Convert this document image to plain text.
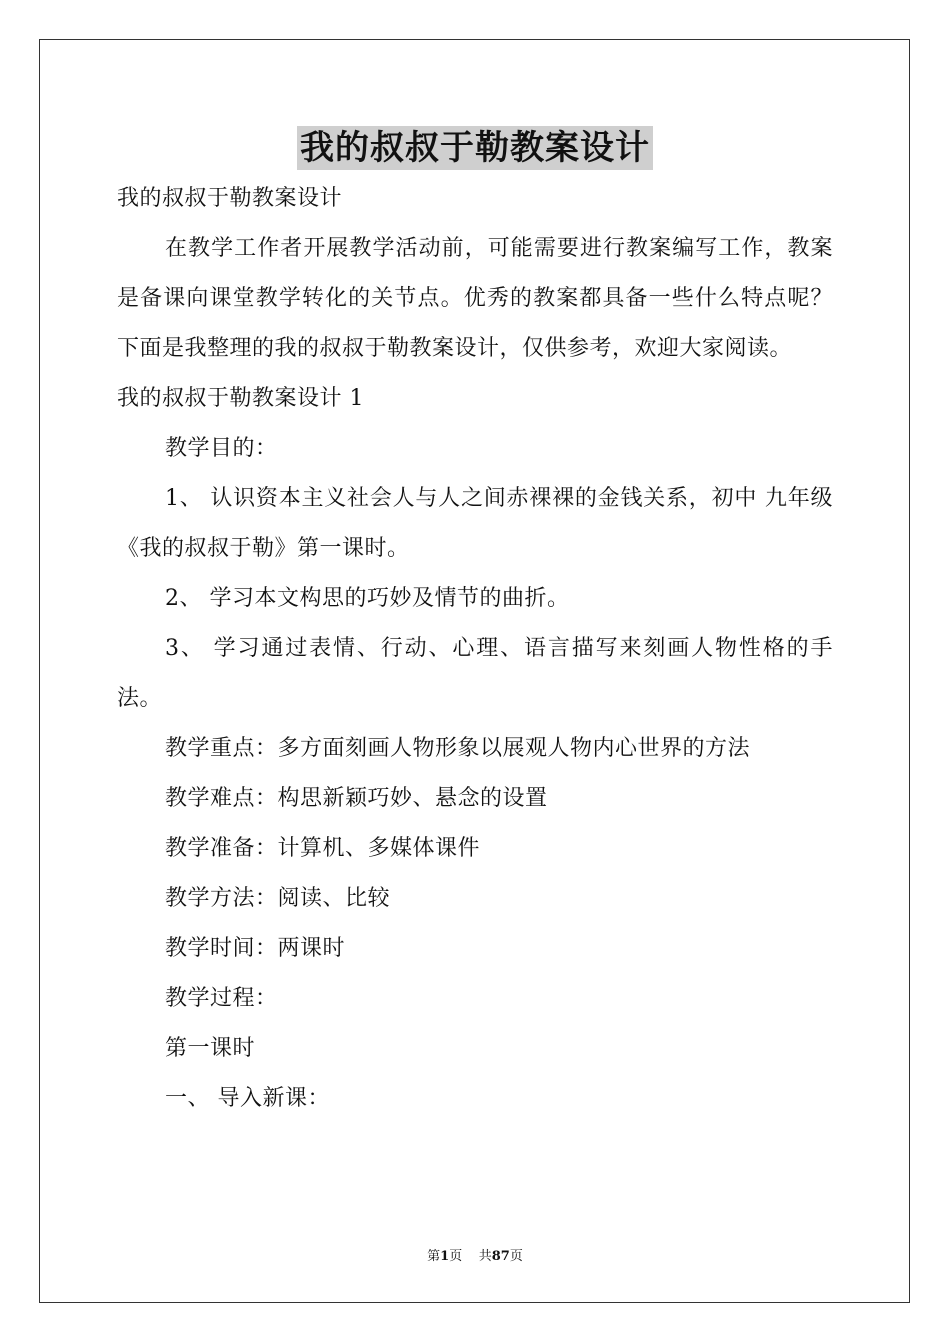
我的叔叔于勒教案设计

我的叔叔于勒教案设计

在教学工作者开展教学活动前，可能需要进行教案编写工作，教案是备课向课堂教学转化的关节点。优秀的教案都具备一些什么特点呢？下面是我整理的我的叔叔于勒教案设计，仅供参考，欢迎大家阅读。

我的叔叔于勒教案设计 1

教学目的：

1、 认识资本主义社会人与人之间赤裸裸的金钱关系，初中 九年级《我的叔叔于勒》第一课时。

2、 学习本文构思的巧妙及情节的曲折。

3、 学习通过表情、行动、心理、语言描写来刻画人物性格的手法。

教学重点：多方面刻画人物形象以展观人物内心世界的方法

教学难点：构思新颖巧妙、悬念的设置

教学准备：计算机、多媒体课件

教学方法：阅读、比较

教学时间：两课时

教学过程：

第一课时

一、 导入新课：

第1页 共87页
